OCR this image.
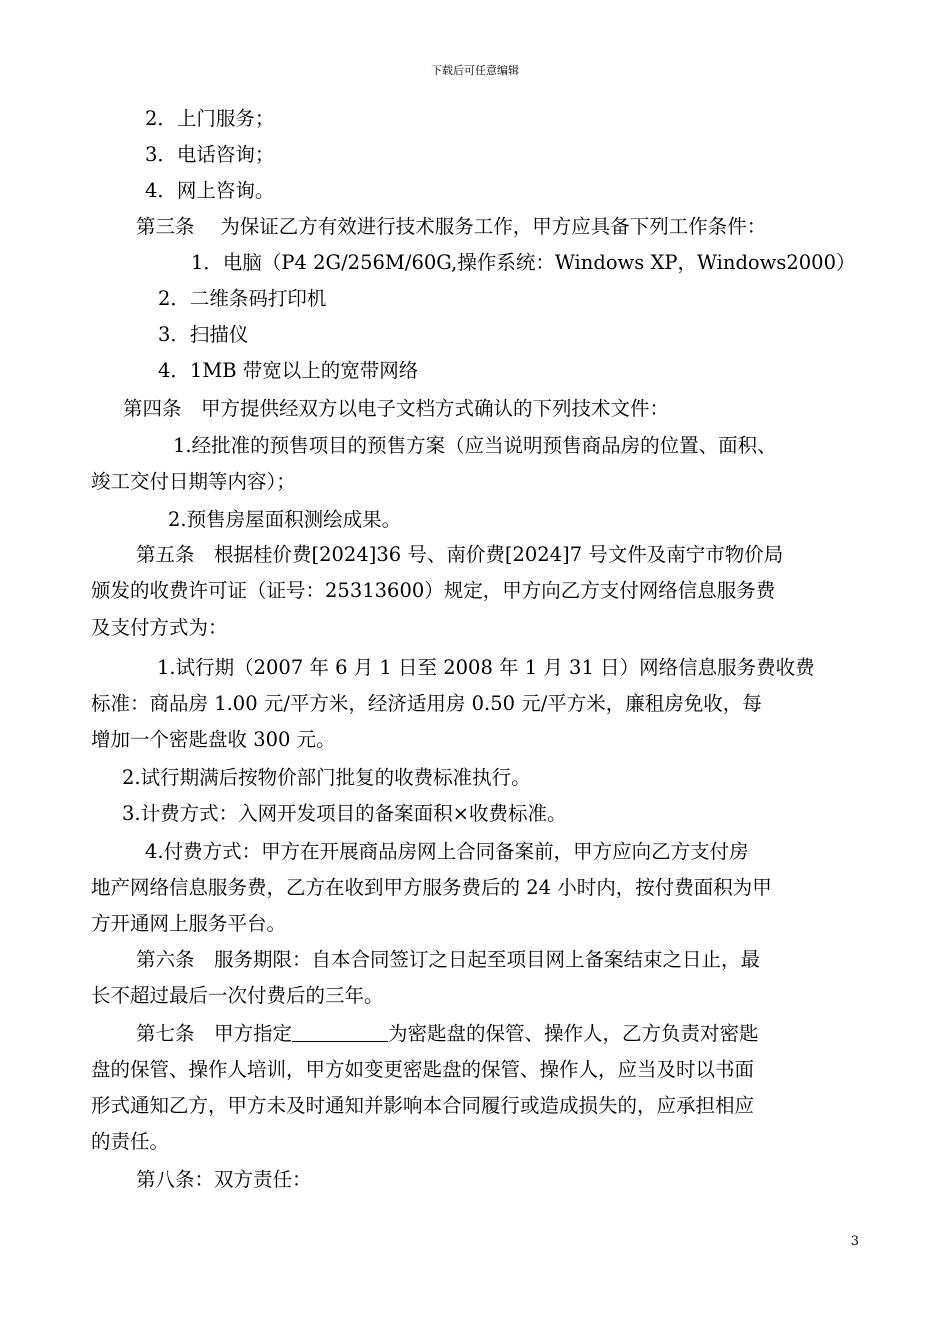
下载后可任意编辑
2．上门服务；
3．电话咨询；
4．网上咨询。
第三条　 为保证乙方有效进行技术服务工作，甲方应具备下列工作条件：
1．电脑（P4 2G/256M/60G,操作系统：Windows XP，Windows2000）
2．二维条码打印机
3．扫描仪
4．1MB 带宽以上的宽带网络
第四条　甲方提供经双方以电子文档方式确认的下列技术文件：
1.经批准的预售项目的预售方案（应当说明预售商品房的位置、面积、
竣工交付日期等内容）；
2.预售房屋面积测绘成果。
第五条　根据桂价费[2024]36 号、南价费[2024]7 号文件及南宁市物价局
颁发的收费许可证（证号：25313600）规定，甲方向乙方支付网络信息服务费
及支付方式为：
1.试行期（2007 年 6 月 1 日至 2008 年 1 月 31 日）网络信息服务费收费
标准：商品房 1.00 元/平方米，经济适用房 0.50 元/平方米，廉租房免收，每
增加一个密匙盘收 300 元。
2.试行期满后按物价部门批复的收费标准执行。
3.计费方式：入网开发项目的备案面积×收费标准。
4.付费方式：甲方在开展商品房网上合同备案前，甲方应向乙方支付房
地产网络信息服务费，乙方在收到甲方服务费后的 24 小时内，按付费面积为甲
方开通网上服务平台。
第六条　服务期限：自本合同签订之日起至项目网上备案结束之日止，最
长不超过最后一次付费后的三年。
第七条　甲方指定	为密匙盘的保管、操作人，乙方负责对密匙
盘的保管、操作人培训，甲方如变更密匙盘的保管、操作人，应当及时以书面
形式通知乙方，甲方未及时通知并影响本合同履行或造成损失的，应承担相应
的责任。
第八条：双方责任：
3
